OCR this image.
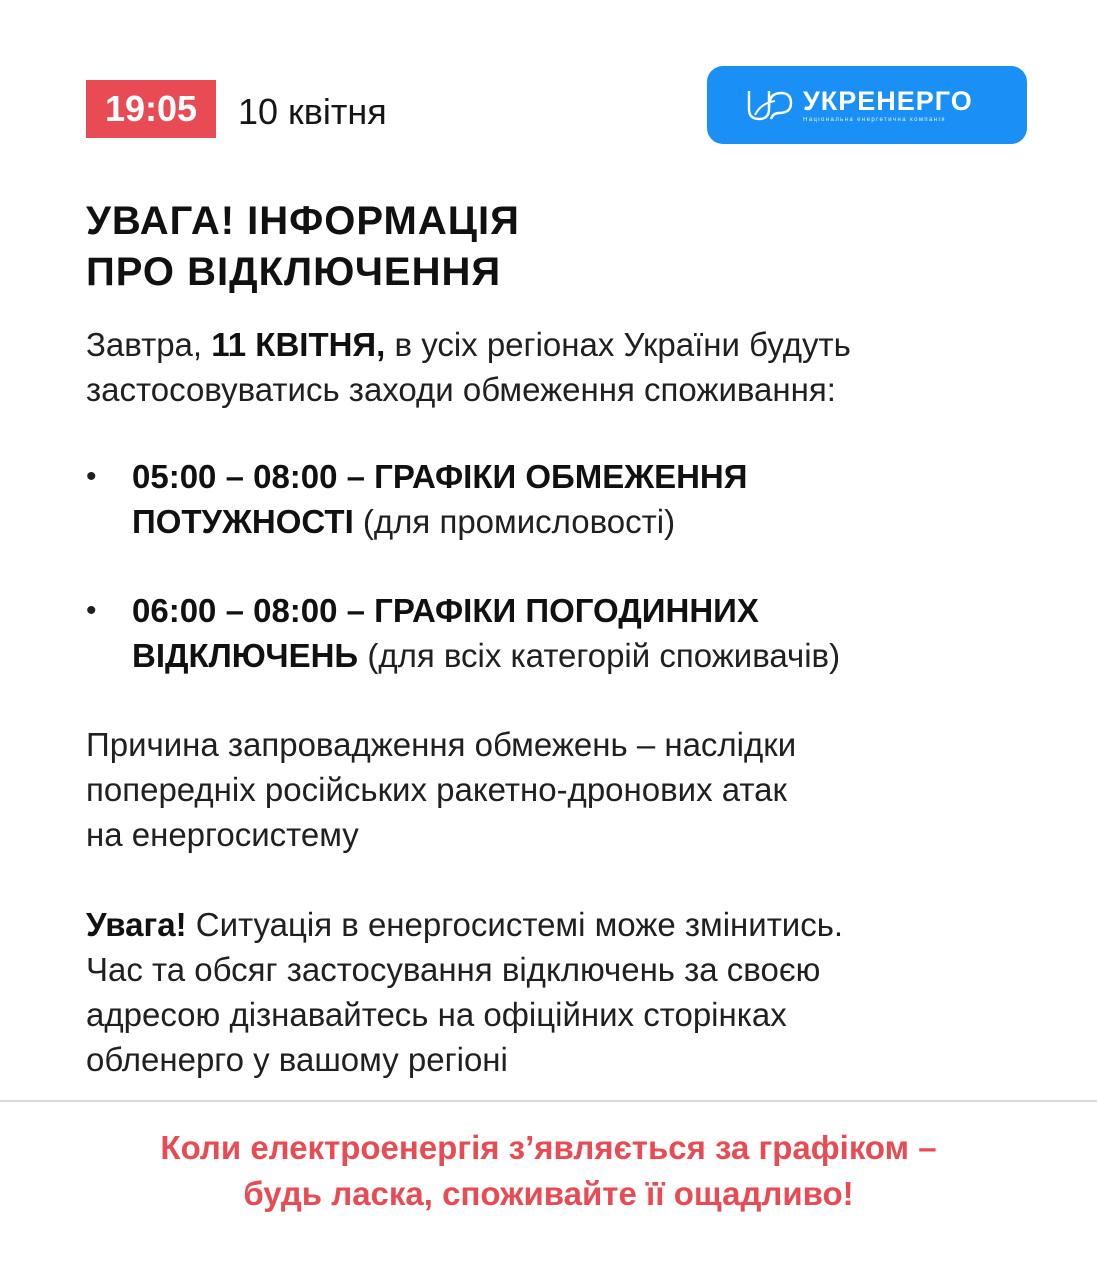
19:05 10 квітня	УКРЕНЕРГО
Національна енергетична компанія
УВАГА! ІНФОРМАЦІЯ
ПРО ВІДКЛЮЧЕННЯ

Завтра, 11 КВІТНЯ, в усіх регіонах України будуть
застосовуватись заходи обмеження споживання:

• 05:00 – 08:00 – ГРАФІКИ ОБМЕЖЕННЯ
ПОТУЖНОСТІ (для промисловості)
• 06:00 – 08:00 – ГРАФІКИ ПОГОДИННИХ
ВІДКЛЮЧЕНЬ (для всіх категорій споживачів)

Причина запровадження обмежень – наслідки
попередніх російських ракетно-дронових атак
на енергосистему

Увага! Ситуація в енергосистемі може змінитись.
Час та обсяг застосування відключень за своєю
адресою дізнавайтесь на офіційних сторінках
обленерго у вашому регіоні

Коли електроенергія з’являється за графіком –
будь ласка, споживайте її ощадливо!
